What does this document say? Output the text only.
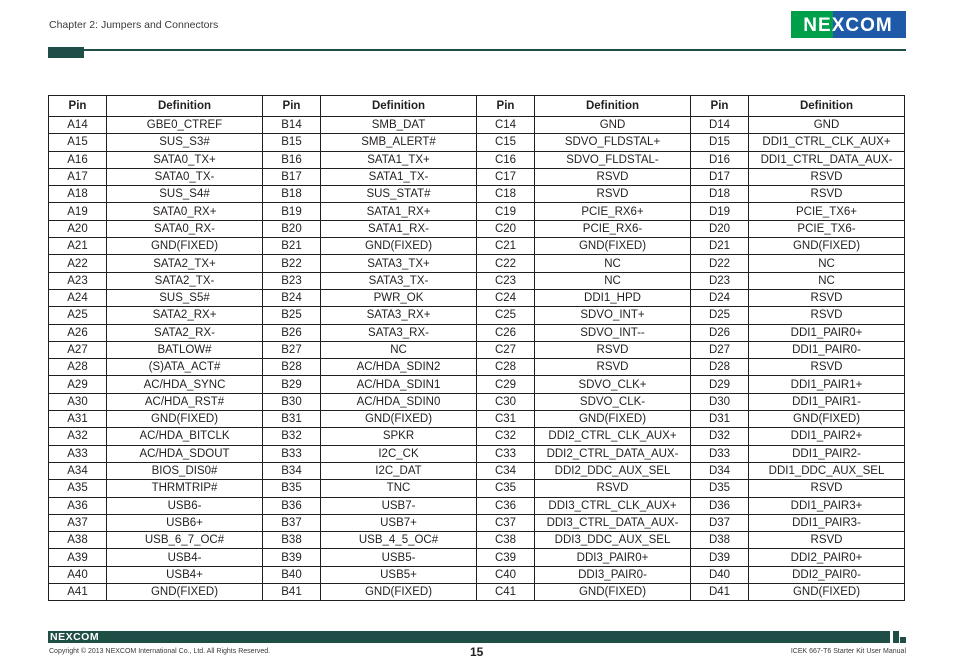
Chapter 2: Jumpers and Connectors	NEXCOM
Pin	Definition	Pin	Definition	Pin	Definition	Pin	Definition
A14	GBE0_CTREF	B14	SMB_DAT	C14	GND	D14	GND
A15	SUS_S3#	B15	SMB_ALERT#	C15	SDVO_FLDSTAL+	D15	DDI1_CTRL_CLK_AUX+
A16	SATA0_TX+	B16	SATA1_TX+	C16	SDVO_FLDSTAL-	D16	DDI1_CTRL_DATA_AUX-
A17	SATA0_TX-	B17	SATA1_TX-	C17	RSVD	D17	RSVD
A18	SUS_S4#	B18	SUS_STAT#	C18	RSVD	D18	RSVD
A19	SATA0_RX+	B19	SATA1_RX+	C19	PCIE_RX6+	D19	PCIE_TX6+
A20	SATA0_RX-	B20	SATA1_RX-	C20	PCIE_RX6-	D20	PCIE_TX6-
A21	GND(FIXED)	B21	GND(FIXED)	C21	GND(FIXED)	D21	GND(FIXED)
A22	SATA2_TX+	B22	SATA3_TX+	C22	NC	D22	NC
A23	SATA2_TX-	B23	SATA3_TX-	C23	NC	D23	NC
A24	SUS_S5#	B24	PWR_OK	C24	DDI1_HPD	D24	RSVD
A25	SATA2_RX+	B25	SATA3_RX+	C25	SDVO_INT+	D25	RSVD
A26	SATA2_RX-	B26	SATA3_RX-	C26	SDVO_INT--	D26	DDI1_PAIR0+
A27	BATLOW#	B27	NC	C27	RSVD	D27	DDI1_PAIR0-
A28	(S)ATA_ACT#	B28	AC/HDA_SDIN2	C28	RSVD	D28	RSVD
A29	AC/HDA_SYNC	B29	AC/HDA_SDIN1	C29	SDVO_CLK+	D29	DDI1_PAIR1+
A30	AC/HDA_RST#	B30	AC/HDA_SDIN0	C30	SDVO_CLK-	D30	DDI1_PAIR1-
A31	GND(FIXED)	B31	GND(FIXED)	C31	GND(FIXED)	D31	GND(FIXED)
A32	AC/HDA_BITCLK	B32	SPKR	C32	DDI2_CTRL_CLK_AUX+	D32	DDI1_PAIR2+
A33	AC/HDA_SDOUT	B33	I2C_CK	C33	DDI2_CTRL_DATA_AUX-	D33	DDI1_PAIR2-
A34	BIOS_DIS0#	B34	I2C_DAT	C34	DDI2_DDC_AUX_SEL	D34	DDI1_DDC_AUX_SEL
A35	THRMTRIP#	B35	TNC	C35	RSVD	D35	RSVD
A36	USB6-	B36	USB7-	C36	DDI3_CTRL_CLK_AUX+	D36	DDI1_PAIR3+
A37	USB6+	B37	USB7+	C37	DDI3_CTRL_DATA_AUX-	D37	DDI1_PAIR3-
A38	USB_6_7_OC#	B38	USB_4_5_OC#	C38	DDI3_DDC_AUX_SEL	D38	RSVD
A39	USB4-	B39	USB5-	C39	DDI3_PAIR0+	D39	DDI2_PAIR0+
A40	USB4+	B40	USB5+	C40	DDI3_PAIR0-	D40	DDI2_PAIR0-
A41	GND(FIXED)	B41	GND(FIXED)	C41	GND(FIXED)	D41	GND(FIXED)
NEXCOM
Copyright © 2013 NEXCOM International Co., Ltd. All Rights Reserved.	15	ICEK 667-T6 Starter Kit User Manual
